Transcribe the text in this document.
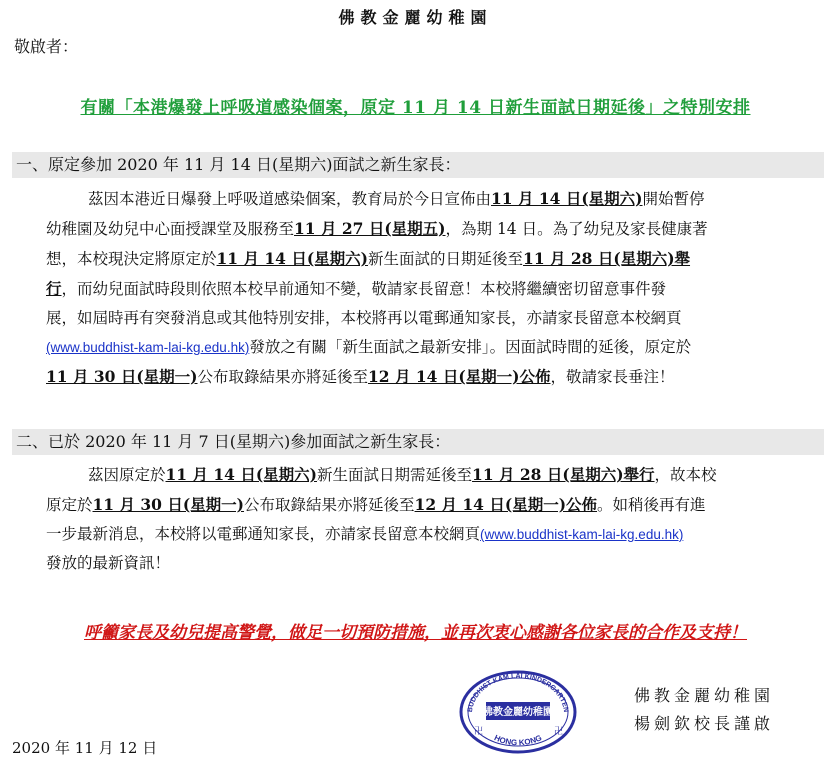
佛教金麗幼稚園
敬啟者：
有關「本港爆發上呼吸道感染個案，原定 11 月 14 日新生面試日期延後」之特別安排
一、原定參加 2020 年 11 月 14 日(星期六)面試之新生家長：
茲因本港近日爆發上呼吸道感染個案，教育局於今日宣佈由11 月 14 日(星期六)開始暫停
幼稚園及幼兒中心面授課堂及服務至11 月 27 日(星期五)，為期 14 日。為了幼兒及家長健康著
想，本校現決定將原定於11 月 14 日(星期六)新生面試的日期延後至11 月 28 日(星期六)舉
行，而幼兒面試時段則依照本校早前通知不變，敬請家長留意！本校將繼續密切留意事件發
展，如屆時再有突發消息或其他特別安排，本校將再以電郵通知家長，亦請家長留意本校網頁
(www.buddhist-kam-lai-kg.edu.hk)發放之有關「新生面試之最新安排」。因面試時間的延後，原定於
11 月 30 日(星期一)公布取錄結果亦將延後至12 月 14 日(星期一)公佈，敬請家長垂注！
二、已於 2020 年 11 月 7 日(星期六)參加面試之新生家長：
茲因原定於11 月 14 日(星期六)新生面試日期需延後至11 月 28 日(星期六)舉行，故本校
原定於11 月 30 日(星期一)公布取錄結果亦將延後至12 月 14 日(星期一)公佈。如稍後再有進
一步最新消息，本校將以電郵通知家長，亦請家長留意本校網頁(www.buddhist-kam-lai-kg.edu.hk)
發放的最新資訊！
呼籲家長及幼兒提高警覺，做足一切預防措施，並再次衷心感謝各位家長的合作及支持！
BUDDHIST KAM LAI KINDERGARTEN
佛教金麗幼稚園
HONG KONG
卍	卍
佛教金麗幼稚園
楊劍欽校長謹啟
2020 年 11 月 12 日
